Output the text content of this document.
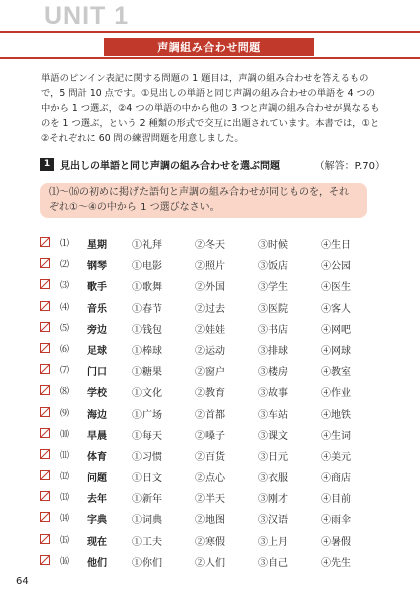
UNIT 1
声調組み合わせ問題

単語のピンイン表記に関する問題の 1 題目は，声調の組み合わせを答えるもので，5 問計 10 点です。①見出しの単語と同じ声調の組み合わせの単語を 4 つの中から 1 つ選ぶ，②4 つの単語の中から他の 3 つと声調の組み合わせが異なるものを 1 つ選ぶ，という 2 種類の形式で交互に出題されています。本書では，①と②それぞれに 60 問の練習問題を用意しました。

1 見出しの単語と同じ声調の組み合わせを選ぶ問題	（解答：P.70）
⑴～⒃の初めに掲げた語句と声調の組み合わせが同じものを，それぞれ①～④の中から 1 つ選びなさい。
⑴ 星期	①礼拜	②冬天	③时候	④生日
⑵ 钢琴	①电影	②照片	③饭店	④公园
⑶ 歌手	①歌舞	②外国	③学生	④医生
⑷ 音乐	①春节	②过去	③医院	④客人
⑸ 旁边	①钱包	②娃娃	③书店	④网吧
⑹ 足球	①棒球	②运动	③排球	④网球
⑺ 门口	①糖果	②窗户	③楼房	④教室
⑻ 学校	①文化	②教育	③故事	④作业
⑼ 海边	①广场	②首都	③车站	④地铁
⑽ 早晨	①每天	②嗓子	③课文	④生词
⑾ 体育	①习惯	②百货	③日元	④美元
⑿ 问题	①日文	②点心	③衣服	④商店
⒀ 去年	①新年	②半天	③刚才	④目前
⒁ 字典	①词典	②地图	③汉语	④雨伞
⒂ 现在	①工夫	②寒假	③上月	④暑假
⒃ 他们	①你们	②人们	③自己	④先生
64
